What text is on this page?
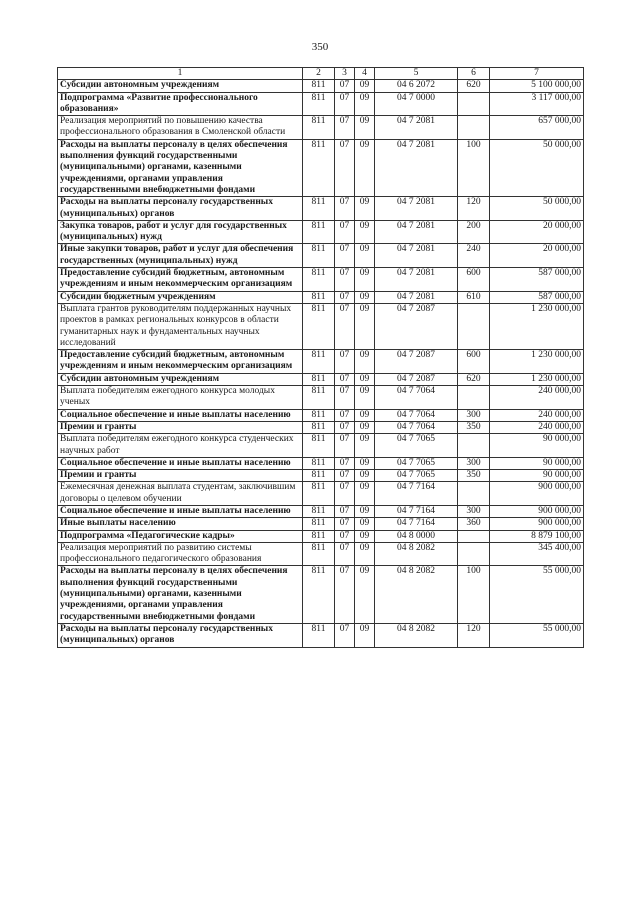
350
1	2	3	4	5	6	7
Субсидии автономным учреждениям	811	07	09	04 6 2072	620	5 100 000,00
Подпрограмма «Развитие профессионального образования»	811	07	09	04 7 0000		3 117 000,00
Реализация мероприятий по повышению качества профессионального образования в Смоленской области	811	07	09	04 7 2081		657 000,00
Расходы на выплаты персоналу в целях обеспечения выполнения функций государственными (муниципальными) органами, казенными учреждениями, органами управления государственными внебюджетными фондами	811	07	09	04 7 2081	100	50 000,00
Расходы на выплаты персоналу государственных (муниципальных) органов	811	07	09	04 7 2081	120	50 000,00
Закупка товаров, работ и услуг для государственных (муниципальных) нужд	811	07	09	04 7 2081	200	20 000,00
Иные закупки товаров, работ и услуг для обеспечения государственных (муниципальных) нужд	811	07	09	04 7 2081	240	20 000,00
Предоставление субсидий бюджетным, автономным учреждениям и иным некоммерческим организациям	811	07	09	04 7 2081	600	587 000,00
Субсидии бюджетным учреждениям	811	07	09	04 7 2081	610	587 000,00
Выплата грантов руководителям поддержанных научных проектов в рамках региональных конкурсов в области гуманитарных наук и фундаментальных научных исследований	811	07	09	04 7 2087		1 230 000,00
Предоставление субсидий бюджетным, автономным учреждениям и иным некоммерческим организациям	811	07	09	04 7 2087	600	1 230 000,00
Субсидии автономным учреждениям	811	07	09	04 7 2087	620	1 230 000,00
Выплата победителям ежегодного конкурса молодых ученых	811	07	09	04 7 7064		240 000,00
Социальное обеспечение и иные выплаты населению	811	07	09	04 7 7064	300	240 000,00
Премии и гранты	811	07	09	04 7 7064	350	240 000,00
Выплата победителям ежегодного конкурса студенческих научных работ	811	07	09	04 7 7065		90 000,00
Социальное обеспечение и иные выплаты населению	811	07	09	04 7 7065	300	90 000,00
Премии и гранты	811	07	09	04 7 7065	350	90 000,00
Ежемесячная денежная выплата студентам, заключившим договоры о целевом обучении	811	07	09	04 7 7164		900 000,00
Социальное обеспечение и иные выплаты населению	811	07	09	04 7 7164	300	900 000,00
Иные выплаты населению	811	07	09	04 7 7164	360	900 000,00
Подпрограмма «Педагогические кадры»	811	07	09	04 8 0000		8 879 100,00
Реализация мероприятий по развитию системы профессионального педагогического образования	811	07	09	04 8 2082		345 400,00
Расходы на выплаты персоналу в целях обеспечения выполнения функций государственными (муниципальными) органами, казенными учреждениями, органами управления государственными внебюджетными фондами	811	07	09	04 8 2082	100	55 000,00
Расходы на выплаты персоналу государственных (муниципальных) органов	811	07	09	04 8 2082	120	55 000,00
